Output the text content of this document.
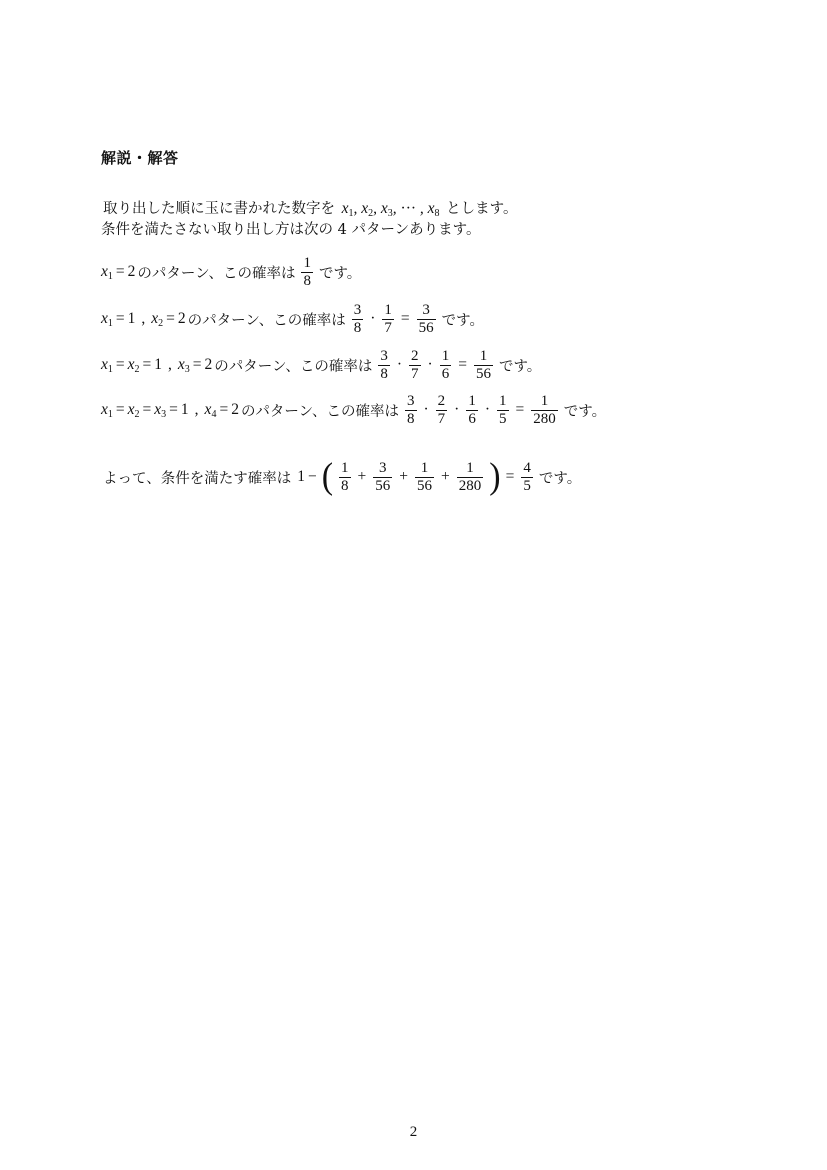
解説・解答
取り出した順に玉に書かれた数字を $x_1$, $x_2$, $x_3$, ··· , $x_8$ とします。
条件を満たさない取り出し方は次の 4 パターンあります。
$x_1 = 2$ のパターン、この確率は $\frac{1}{8}$ です。
$x_1 = 1$ , $x_2 = 2$ のパターン、この確率は $\frac{3}{8} \cdot \frac{1}{7} = \frac{3}{56}$ です。
$x_1 = x_2 = 1$ , $x_3 = 2$ のパターン、この確率は $\frac{3}{8} \cdot \frac{2}{7} \cdot \frac{1}{6} = \frac{1}{56}$ です。
$x_1 = x_2 = x_3 = 1$ , $x_4 = 2$ のパターン、この確率は $\frac{3}{8} \cdot \frac{2}{7} \cdot \frac{1}{6} \cdot \frac{1}{5} = \frac{1}{280}$ です。
よって、条件を満たす確率は 1 − ( $\frac{1}{8} + \frac{3}{56} + \frac{1}{56} + \frac{1}{280}$ ) = $\frac{4}{5}$ です。
2
